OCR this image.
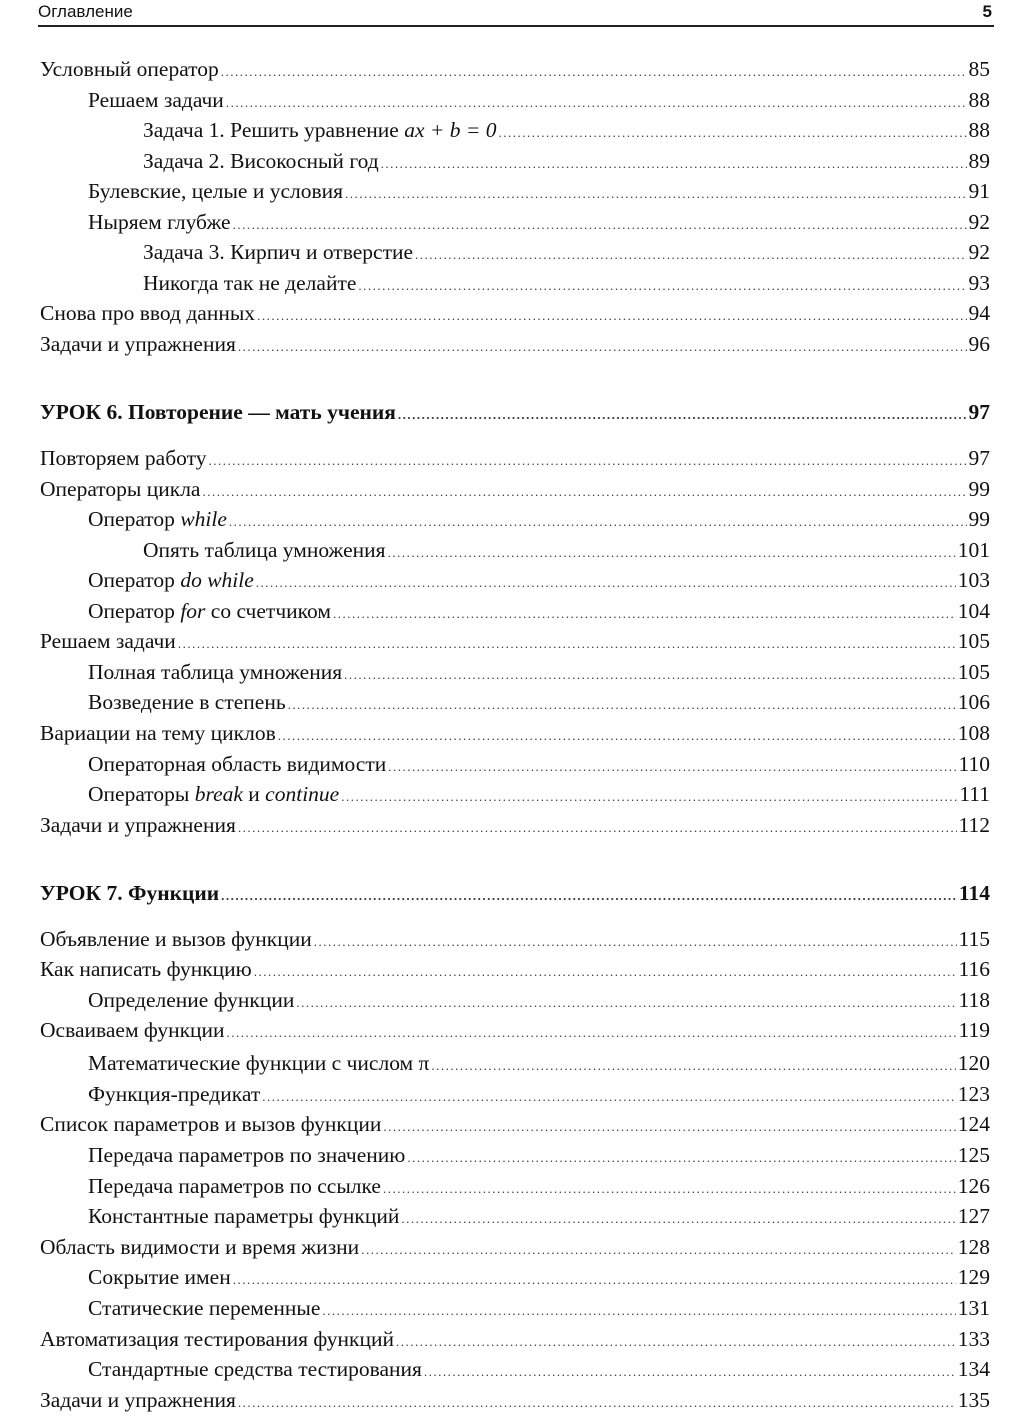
Оглавление	5
Условный оператор .....	85
Решаем задачи .....	88
Задача 1. Решить уравнение ax + b = 0 .....	88
Задача 2. Високосный год .....	89
Булевские, целые и условия .....	91
Ныряем глубже .....	92
Задача 3. Кирпич и отверстие .....	92
Никогда так не делайте .....	93
Снова про ввод данных .....	94
Задачи и упражнения .....	96
УРОК 6. Повторение — мать учения .....	97
Повторяем работу .....	97
Операторы цикла .....	99
Оператор while .....	99
Опять таблица умножения .....	101
Оператор do while .....	103
Оператор for со счетчиком .....	104
Решаем задачи .....	105
Полная таблица умножения .....	105
Возведение в степень .....	106
Вариации на тему циклов .....	108
Операторная область видимости .....	110
Операторы break и continue .....	111
Задачи и упражнения .....	112
УРОК 7. Функции .....	114
Объявление и вызов функции .....	115
Как написать функцию .....	116
Определение функции .....	118
Осваиваем функции .....	119
Математические функции с числом π .....	120
Функция-предикат .....	123
Список параметров и вызов функции .....	124
Передача параметров по значению .....	125
Передача параметров по ссылке .....	126
Константные параметры функций .....	127
Область видимости и время жизни .....	128
Сокрытие имен .....	129
Статические переменные .....	131
Автоматизация тестирования функций .....	133
Стандартные средства тестирования .....	134
Задачи и упражнения .....	135
